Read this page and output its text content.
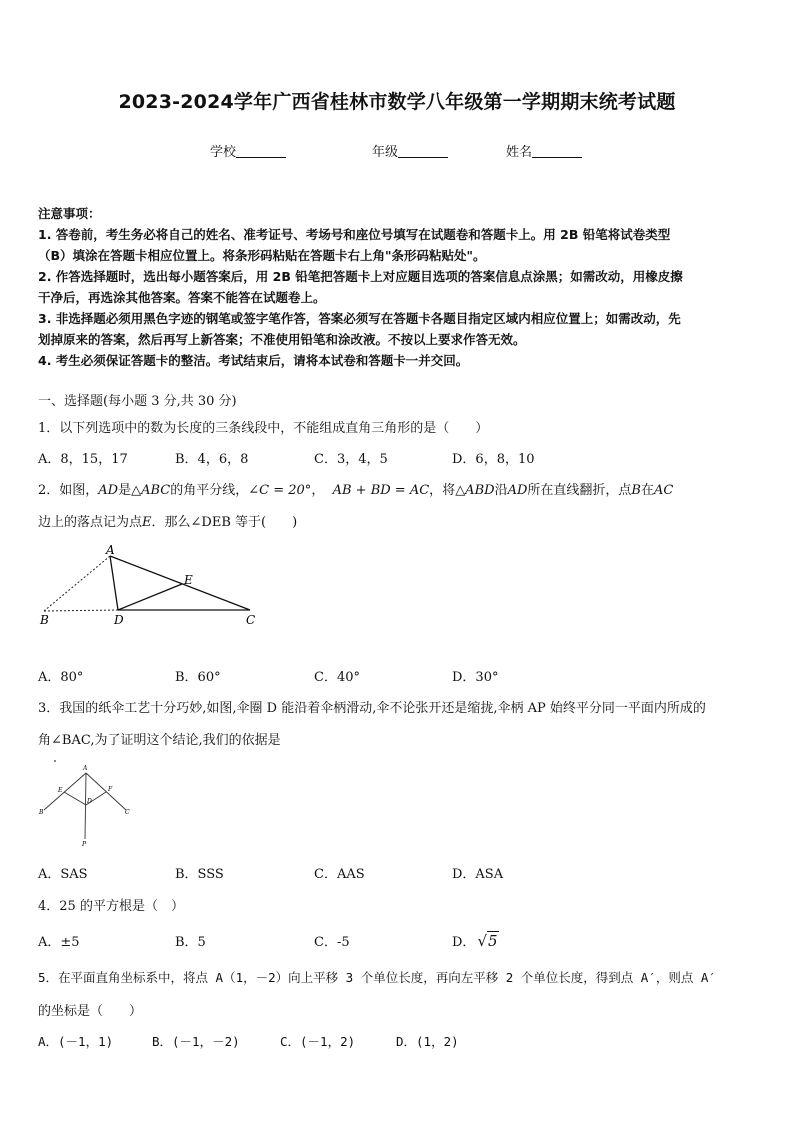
2023-2024学年广西省桂林市数学八年级第一学期期末统考试题
学校	年级	姓名
注意事项：
1. 答卷前，考生务必将自己的姓名、准考证号、考场号和座位号填写在试题卷和答题卡上。用 2B 铅笔将试卷类型
（B）填涂在答题卡相应位置上。将条形码粘贴在答题卡右上角"条形码粘贴处"。
2. 作答选择题时，选出每小题答案后，用 2B 铅笔把答题卡上对应题目选项的答案信息点涂黑；如需改动，用橡皮擦
干净后，再选涂其他答案。答案不能答在试题卷上。
3. 非选择题必须用黑色字迹的钢笔或签字笔作答，答案必须写在答题卡各题目指定区域内相应位置上；如需改动，先
划掉原来的答案，然后再写上新答案；不准使用铅笔和涂改液。不按以上要求作答无效。
4. 考生必须保证答题卡的整洁。考试结束后，请将本试卷和答题卡一并交回。
一、选择题(每小题 3 分,共 30 分)
1．以下列选项中的数为长度的三条线段中，不能组成直角三角形的是（　　）
A．8，15，17	B．4，6，8	C．3，4，5	D．6，8，10
2．如图，AD是△ABC的角平分线，∠C = 20°， AB + BD = AC，将△ABD沿AD所在直线翻折，点B在AC
边上的落点记为点E．那么∠DEB 等于(　　)
A
E
B	D	C
A．80°	B．60°	C．40°	D．30°
3．我国的纸伞工艺十分巧妙,如图,伞圈 D 能沿着伞柄滑动,伞不论张开还是缩拢,伞柄 AP 始终平分同一平面内所成的
角∠BAC,为了证明这个结论,我们的依据是
A
E	F
D
B	C
P
A．SAS	B．SSS	C．AAS	D．ASA
4．25 的平方根是（　）
A．±5	B．5	C．-5	D． √5
5．在平面直角坐标系中，将点 A（1，－2）向上平移 3 个单位长度，再向左平移 2 个单位长度，得到点 A′，则点 A′
的坐标是（　　）
A．(－1，1)	B．(－1，－2)	C．(－1，2)	D．(1，2)
